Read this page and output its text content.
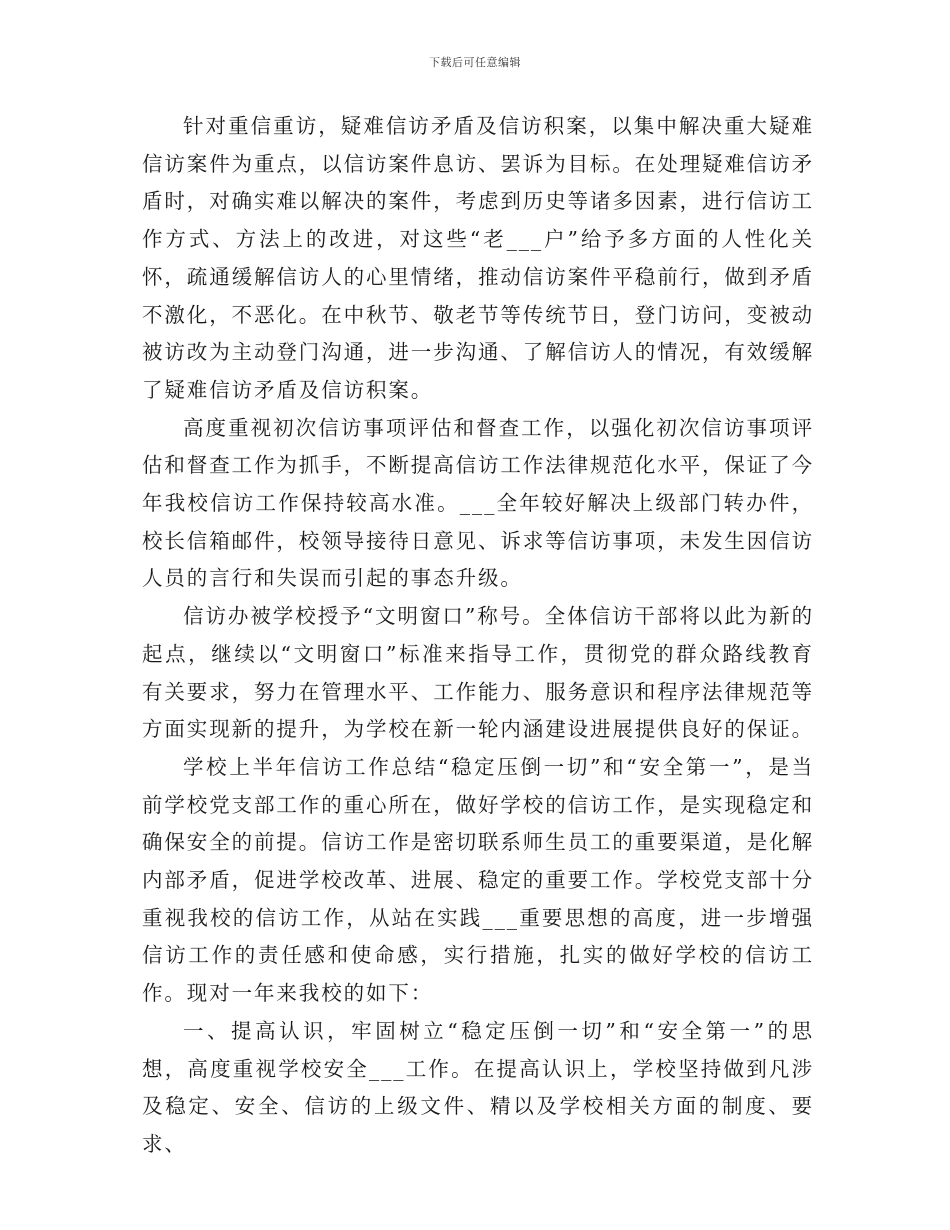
下载后可任意编辑

针对重信重访，疑难信访矛盾及信访积案，以集中解决重大疑难信访案件为重点，以信访案件息访、罢诉为目标。在处理疑难信访矛盾时，对确实难以解决的案件，考虑到历史等诸多因素，进行信访工作方式、方法上的改进，对这些“老___户”给予多方面的人性化关怀，疏通缓解信访人的心里情绪，推动信访案件平稳前行，做到矛盾不激化，不恶化。在中秋节、敬老节等传统节日，登门访问，变被动被访改为主动登门沟通，进一步沟通、了解信访人的情况，有效缓解了疑难信访矛盾及信访积案。

高度重视初次信访事项评估和督查工作，以强化初次信访事项评估和督查工作为抓手，不断提高信访工作法律规范化水平，保证了今年我校信访工作保持较高水准。___全年较好解决上级部门转办件，校长信箱邮件，校领导接待日意见、诉求等信访事项，未发生因信访人员的言行和失误而引起的事态升级。

信访办被学校授予“文明窗口”称号。全体信访干部将以此为新的起点，继续以“文明窗口”标准来指导工作，贯彻党的群众路线教育有关要求，努力在管理水平、工作能力、服务意识和程序法律规范等方面实现新的提升，为学校在新一轮内涵建设进展提供良好的保证。

学校上半年信访工作总结“稳定压倒一切”和“安全第一”，是当前学校党支部工作的重心所在，做好学校的信访工作，是实现稳定和确保安全的前提。信访工作是密切联系师生员工的重要渠道，是化解内部矛盾，促进学校改革、进展、稳定的重要工作。学校党支部十分重视我校的信访工作，从站在实践___重要思想的高度，进一步增强信访工作的责任感和使命感，实行措施，扎实的做好学校的信访工作。现对一年来我校的如下：

一、提高认识，牢固树立“稳定压倒一切”和“安全第一”的思想，高度重视学校安全___工作。在提高认识上，学校坚持做到凡涉及稳定、安全、信访的上级文件、精以及学校相关方面的制度、要求、
